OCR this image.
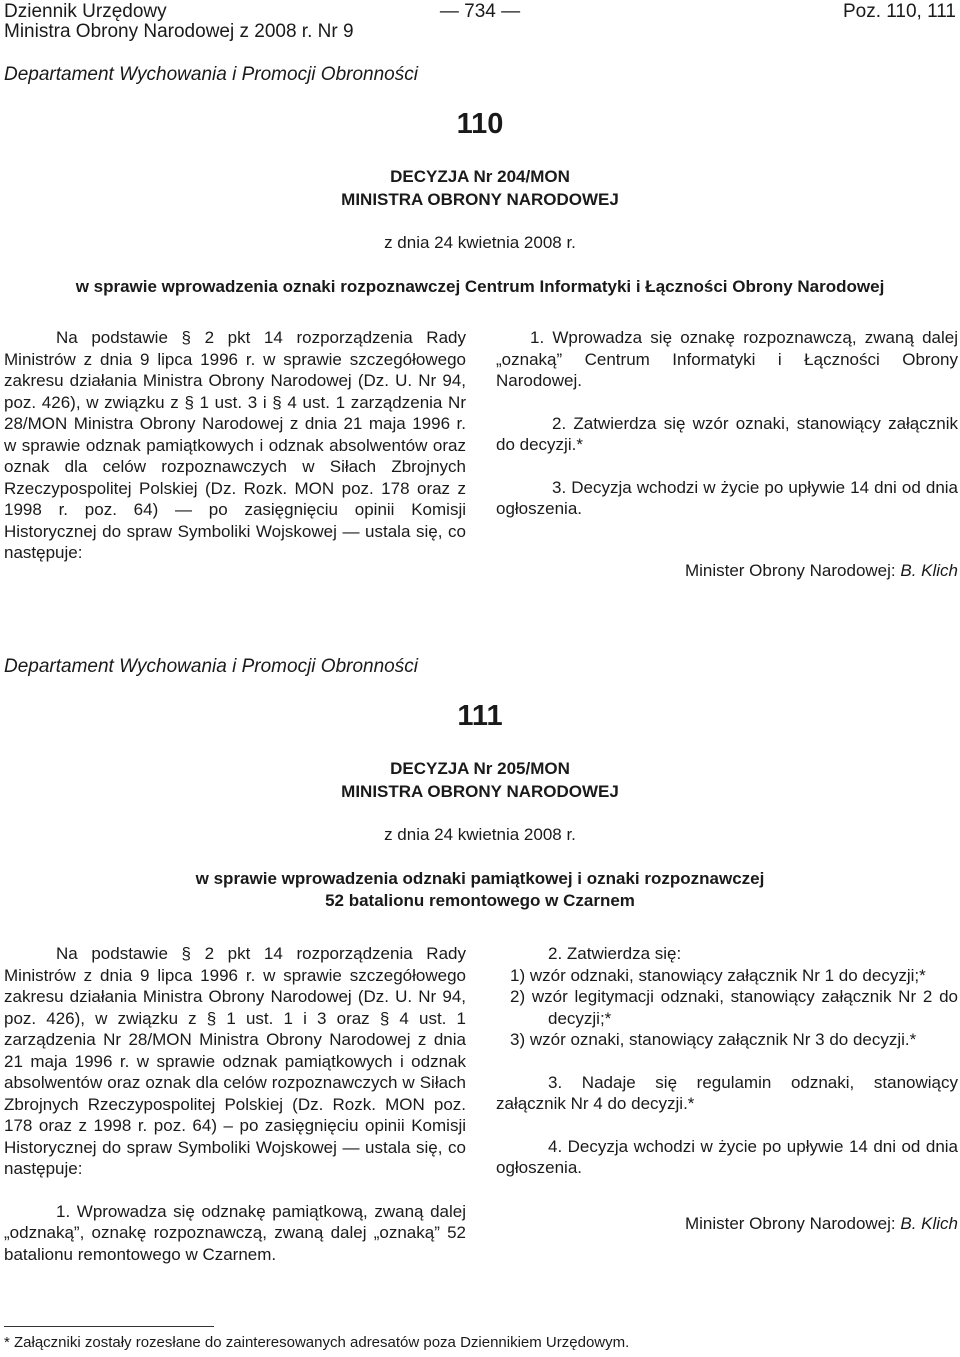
Dziennik Urzędowy
Ministra Obrony Narodowej z 2008 r. Nr 9
— 734 —	Poz. 110, 111
Departament Wychowania i Promocji Obronności
110
DECYZJA Nr 204/MON
MINISTRA OBRONY NARODOWEJ
z dnia 24 kwietnia 2008 r.
w sprawie wprowadzenia oznaki rozpoznawczej Centrum Informatyki i Łączności Obrony Narodowej

Na podstawie § 2 pkt 14 rozporządzenia Rady Ministrów z dnia 9 lipca 1996 r. w sprawie szczegółowego zakresu działania Ministra Obrony Narodowej (Dz. U. Nr 94, poz. 426), w związku z § 1 ust. 3 i § 4 ust. 1 zarządzenia Nr 28/MON Ministra Obrony Narodowej z dnia 21 maja 1996 r. w sprawie odznak pamiątkowych i odznak absolwentów oraz oznak dla celów rozpoznawczych w Siłach Zbrojnych Rzeczypospolitej Polskiej (Dz. Rozk. MON poz. 178 oraz z 1998 r. poz. 64) — po zasięgnięciu opinii Komisji Historycznej do spraw Symboliki Wojskowej — ustala się, co następuje:

1. Wprowadza się oznakę rozpoznawczą, zwaną dalej „oznaką” Centrum Informatyki i Łączności Obrony Narodowej.

2. Zatwierdza się wzór oznaki, stanowiący załącznik do decyzji.*

3. Decyzja wchodzi w życie po upływie 14 dni od dnia ogłoszenia.

Minister Obrony Narodowej: B. Klich

Departament Wychowania i Promocji Obronności
111
DECYZJA Nr 205/MON
MINISTRA OBRONY NARODOWEJ
z dnia 24 kwietnia 2008 r.
w sprawie wprowadzenia odznaki pamiątkowej i oznaki rozpoznawczej
52 batalionu remontowego w Czarnem

Na podstawie § 2 pkt 14 rozporządzenia Rady Ministrów z dnia 9 lipca 1996 r. w sprawie szczegółowego zakresu działania Ministra Obrony Narodowej (Dz. U. Nr 94, poz. 426), w związku z § 1 ust. 1 i 3 oraz § 4 ust. 1 zarządzenia Nr 28/MON Ministra Obrony Narodowej z dnia 21 maja 1996 r. w sprawie odznak pamiątkowych i odznak absolwentów oraz oznak dla celów rozpoznawczych w Siłach Zbrojnych Rzeczypospolitej Polskiej (Dz. Rozk. MON poz. 178 oraz z 1998 r. poz. 64) – po zasięgnięciu opinii Komisji Historycznej do spraw Symboliki Wojskowej — ustala się, co następuje:

1. Wprowadza się odznakę pamiątkową, zwaną dalej „odznaką”, oznakę rozpoznawczą, zwaną dalej „oznaką” 52 batalionu remontowego w Czarnem.

2. Zatwierdza się:

1) wzór odznaki, stanowiący załącznik Nr 1 do decyzji;*

2) wzór legitymacji odznaki, stanowiący załącznik Nr 2 do decyzji;*

3) wzór oznaki, stanowiący załącznik Nr 3 do decyzji.*

3. Nadaje się regulamin odznaki, stanowiący załącznik Nr 4 do decyzji.*

4. Decyzja wchodzi w życie po upływie 14 dni od dnia ogłoszenia.

Minister Obrony Narodowej: B. Klich

* Załączniki zostały rozesłane do zainteresowanych adresatów poza Dziennikiem Urzędowym.
